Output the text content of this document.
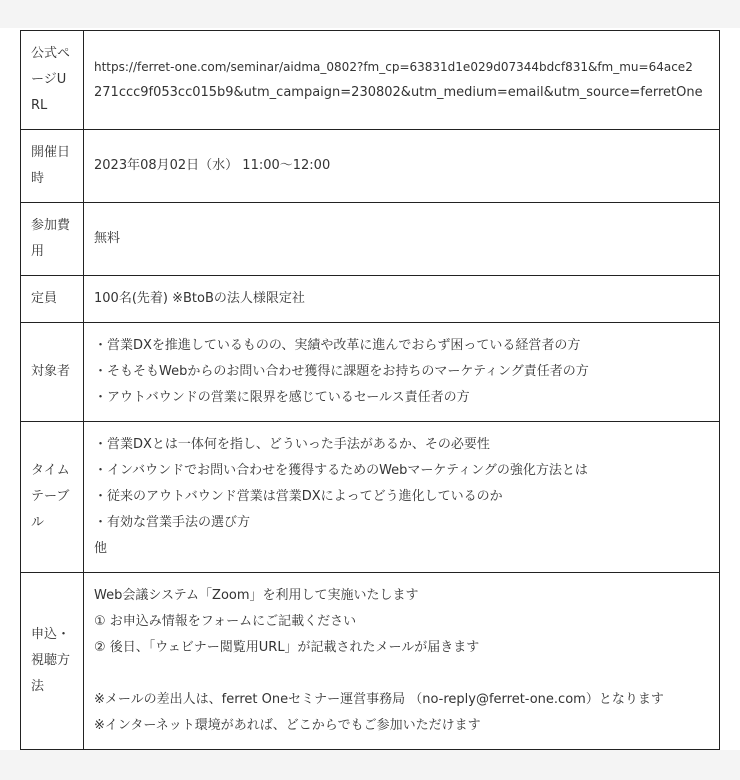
公式ペ
ージU
RL	https://ferret-one.com/seminar/aidma_0802?fm_cp=63831d1e029d07344bdcf831&fm_mu=64ace2
271ccc9f053cc015b9&utm_campaign=230802&utm_medium=email&utm_source=ferretOne

開催日
時	2023年08月02日（水） 11:00〜12:00

参加費
用	無料

定員	100名(先着) ※BtoBの法人様限定社

対象者	・営業DXを推進しているものの、実績や改革に進んでおらず困っている経営者の方
・そもそもWebからのお問い合わせ獲得に課題をお持ちのマーケティング責任者の方
・アウトバウンドの営業に限界を感じているセールス責任者の方

タイム
テーブ
ル	・営業DXとは一体何を指し、どういった手法があるか、その必要性
・インバウンドでお問い合わせを獲得するためのWebマーケティングの強化方法とは
・従来のアウトバウンド営業は営業DXによってどう進化しているのか
・有効な営業手法の選び方
他

申込・
視聴方
法	Web会議システム「Zoom」を利用して実施いたします
① お申込み情報をフォームにご記載ください
② 後日、「ウェビナー閲覧用URL」が記載されたメールが届きます
※メールの差出人は、ferret Oneセミナー運営事務局 （no-reply@ferret-one.com）となります
※インターネット環境があれば、どこからでもご参加いただけます
